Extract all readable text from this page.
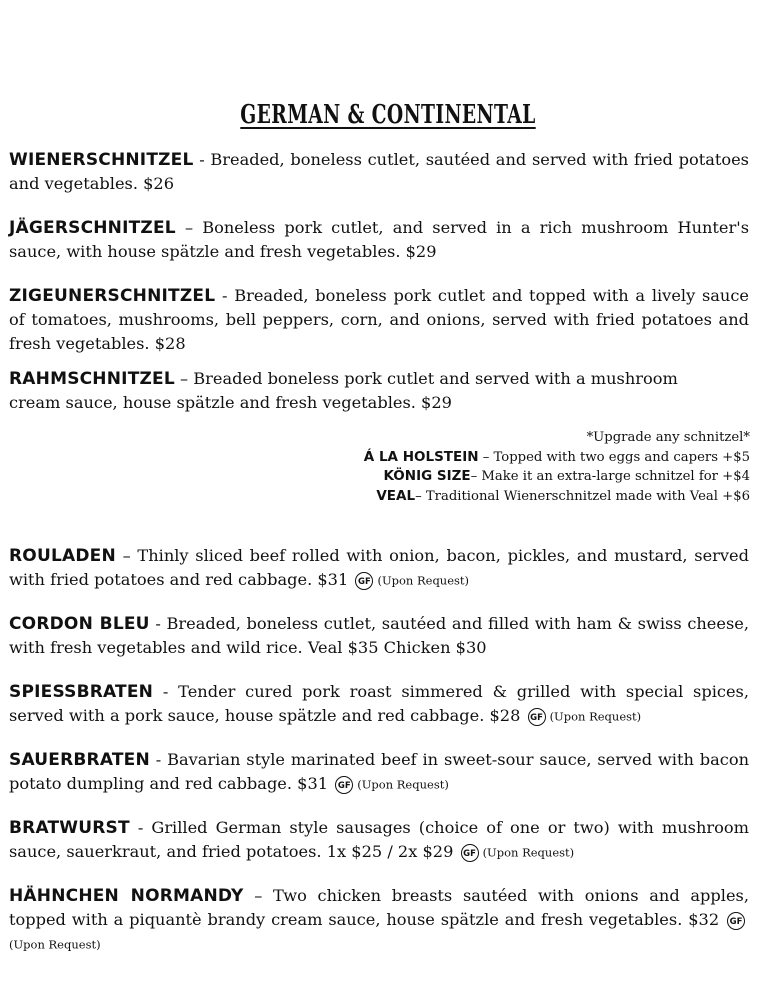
GERMAN & CONTINENTAL
WIENERSCHNITZEL - Breaded, boneless cutlet, sautéed and served with fried potatoes and vegetables. $26
JÄGERSCHNITZEL – Boneless pork cutlet, and served in a rich mushroom Hunter's sauce, with house spätzle and fresh vegetables. $29
ZIGEUNERSCHNITZEL - Breaded, boneless pork cutlet and topped with a lively sauce of tomatoes, mushrooms, bell peppers, corn, and onions, served with fried potatoes and fresh vegetables. $28
RAHMSCHNITZEL – Breaded boneless pork cutlet and served with a mushroom cream sauce, house spätzle and fresh vegetables. $29
*Upgrade any schnitzel*
Á LA HOLSTEIN – Topped with two eggs and capers +$5
KÖNIG SIZE– Make it an extra-large schnitzel for +$4
VEAL– Traditional Wienerschnitzel made with Veal +$6
ROULADEN – Thinly sliced beef rolled with onion, bacon, pickles, and mustard, served with fried potatoes and red cabbage. $31 GF (Upon Request)
CORDON BLEU - Breaded, boneless cutlet, sautéed and filled with ham & swiss cheese, with fresh vegetables and wild rice. Veal $35 Chicken $30
SPIESSBRATEN - Tender cured pork roast simmered & grilled with special spices, served with a pork sauce, house spätzle and red cabbage. $28 GF (Upon Request)
SAUERBRATEN - Bavarian style marinated beef in sweet-sour sauce, served with bacon potato dumpling and red cabbage. $31 GF (Upon Request)
BRATWURST - Grilled German style sausages (choice of one or two) with mushroom sauce, sauerkraut, and fried potatoes. 1x $25 / 2x $29 GF (Upon Request)
HÄHNCHEN NORMANDY – Two chicken breasts sautéed with onions and apples, topped with a piquantè brandy cream sauce, house spätzle and fresh vegetables. $32 GF(Upon Request)
